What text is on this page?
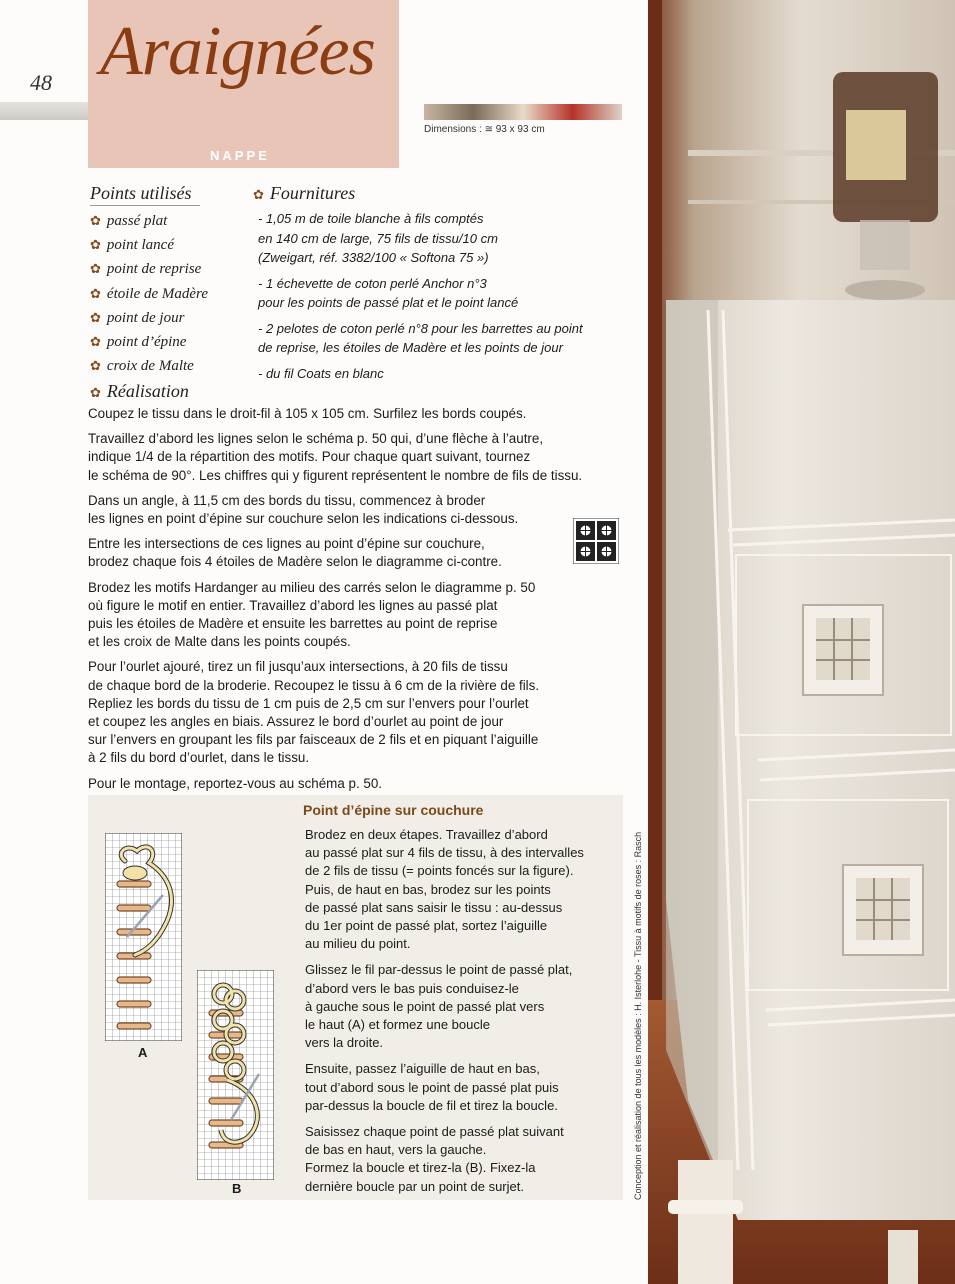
48 Araignées
NAPPE
Dimensions : ≅ 93 x 93 cm
Points utilisés
✿ passé plat
✿ point lancé
✿ point de reprise
✿ étoile de Madère
✿ point de jour
✿ point d’épine
✿ croix de Malte
✿ Fournitures
- 1,05 m de toile blanche à fils comptés
en 140 cm de large, 75 fils de tissu/10 cm
(Zweigart, réf. 3382/100 « Softona 75 »)
- 1 échevette de coton perlé Anchor n°3
pour les points de passé plat et le point lancé
- 2 pelotes de coton perlé n°8 pour les barrettes au point
de reprise, les étoiles de Madère et les points de jour
- du fil Coats en blanc
✿ Réalisation

Coupez le tissu dans le droit-fil à 105 x 105 cm. Surfilez les bords coupés.

Travaillez d’abord les lignes selon le schéma p. 50 qui, d’une flèche à l’autre,
indique 1/4 de la répartition des motifs. Pour chaque quart suivant, tournez
le schéma de 90°. Les chiffres qui y figurent représentent le nombre de fils de tissu.

Dans un angle, à 11,5 cm des bords du tissu, commencez à broder
les lignes en point d’épine sur couchure selon les indications ci-dessous.

Entre les intersections de ces lignes au point d’épine sur couchure,
brodez chaque fois 4 étoiles de Madère selon le diagramme ci-contre.

Brodez les motifs Hardanger au milieu des carrés selon le diagramme p. 50
où figure le motif en entier. Travaillez d’abord les lignes au passé plat
puis les étoiles de Madère et ensuite les barrettes au point de reprise
et les croix de Malte dans les points coupés.

Pour l’ourlet ajouré, tirez un fil jusqu’aux intersections, à 20 fils de tissu
de chaque bord de la broderie. Recoupez le tissu à 6 cm de la rivière de fils.
Repliez les bords du tissu de 1 cm puis de 2,5 cm sur l’envers pour l’ourlet
et coupez les angles en biais. Assurez le bord d’ourlet au point de jour
sur l’envers en groupant les fils par faisceaux de 2 fils et en piquant l’aiguille
à 2 fils du bord d’ourlet, dans le tissu.

Pour le montage, reportez-vous au schéma p. 50.

Point d’épine sur couchure

Brodez en deux étapes. Travaillez d’abord
au passé plat sur 4 fils de tissu, à des intervalles
de 2 fils de tissu (= points foncés sur la figure).
Puis, de haut en bas, brodez sur les points
de passé plat sans saisir le tissu : au-dessus
du 1er point de passé plat, sortez l’aiguille
au milieu du point.

Glissez le fil par-dessus le point de passé plat,
d’abord vers le bas puis conduisez-le
à gauche sous le point de passé plat vers
le haut (A) et formez une boucle
vers la droite.

Ensuite, passez l’aiguille de haut en bas,
tout d’abord sous le point de passé plat puis
par-dessus la boucle de fil et tirez la boucle.

Saisissez chaque point de passé plat suivant
de bas en haut, vers la gauche.
Formez la boucle et tirez-la (B). Fixez-la
dernière boucle par un point de surjet.

A
B	Conception et réalisation de tous les modèles : H. Isterlohe - Tissu à motifs de roses : Rasch
